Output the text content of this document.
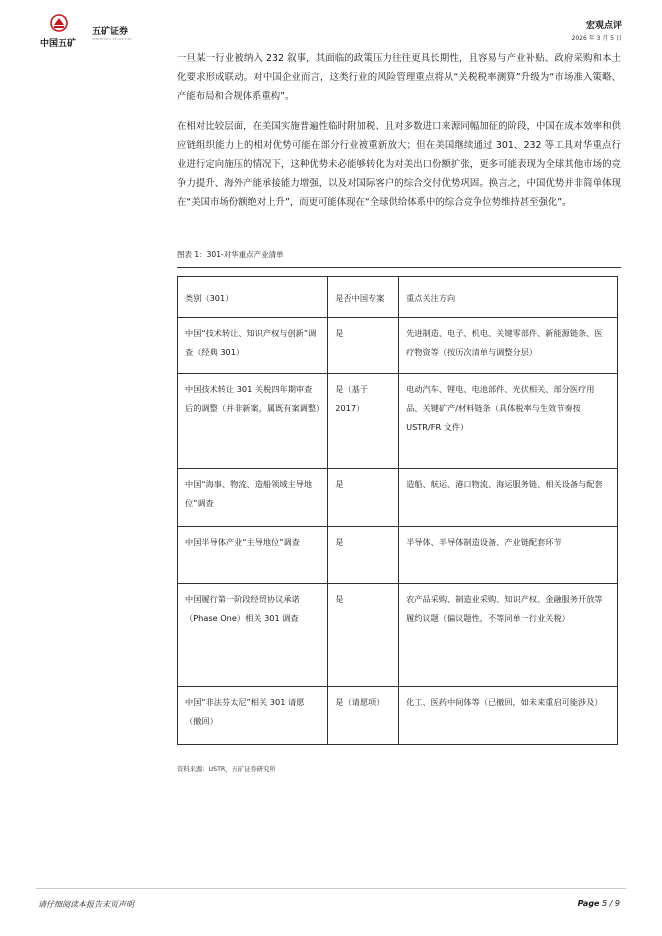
中国五矿
五矿证券
MINMETALS SECURITIES
宏观点评
2026 年 3 月 5 日
一旦某一行业被纳入 232 叙事，其面临的政策压力往往更具长期性，且容易与产业补贴、政府采购和本土化要求形成联动。对中国企业而言，这类行业的风险管理重点将从“关税税率测算”升级为“市场准入策略、产能布局和合规体系重构”。
在相对比较层面，在美国实施普遍性临时附加税、且对多数进口来源同幅加征的阶段，中国在成本效率和供应链组织能力上的相对优势可能在部分行业被重新放大；但在美国继续通过 301、232 等工具对华重点行业进行定向施压的情况下，这种优势未必能够转化为对美出口份额扩张，更多可能表现为全球其他市场的竞争力提升、海外产能承接能力增强，以及对国际客户的综合交付优势巩固。换言之，中国优势并非简单体现在“美国市场份额绝对上升”，而更可能体现在“全球供给体系中的综合竞争位势维持甚至强化”。
图表 1：301-对华重点产业清单
类别（301）	是否中国专案	重点关注方向
中国“技术转让、知识产权与创新”调查（经典 301）	是	先进制造、电子、机电、关键零部件、新能源链条、医疗物资等（按历次清单与调整分层）
中国技术转让 301 关税四年期审查后的调整（并非新案，属既有案调整）	是（基于 2017）	电动汽车、锂电、电池部件、光伏相关、部分医疗用品、关键矿产/材料链条（具体税率与生效节奏按 USTR/FR 文件）
中国“海事、物流、造船领域主导地位”调查	是	造船、航运、港口物流、海运服务链、相关设备与配套
中国半导体产业“主导地位”调查	是	半导体、半导体制造设备、产业链配套环节
中国履行第一阶段经贸协议承诺（Phase One）相关 301 调查	是	农产品采购、制造业采购、知识产权、金融服务开放等履约议题（偏议题性，不等同单一行业关税）
中国“非法芬太尼”相关 301 请愿（撤回）	是（请愿项）	化工、医药中间体等（已撤回，如未来重启可能涉及）
资料来源：USTR，五矿证券研究所
请仔细阅读本报告末页声明	Page 5 / 9
